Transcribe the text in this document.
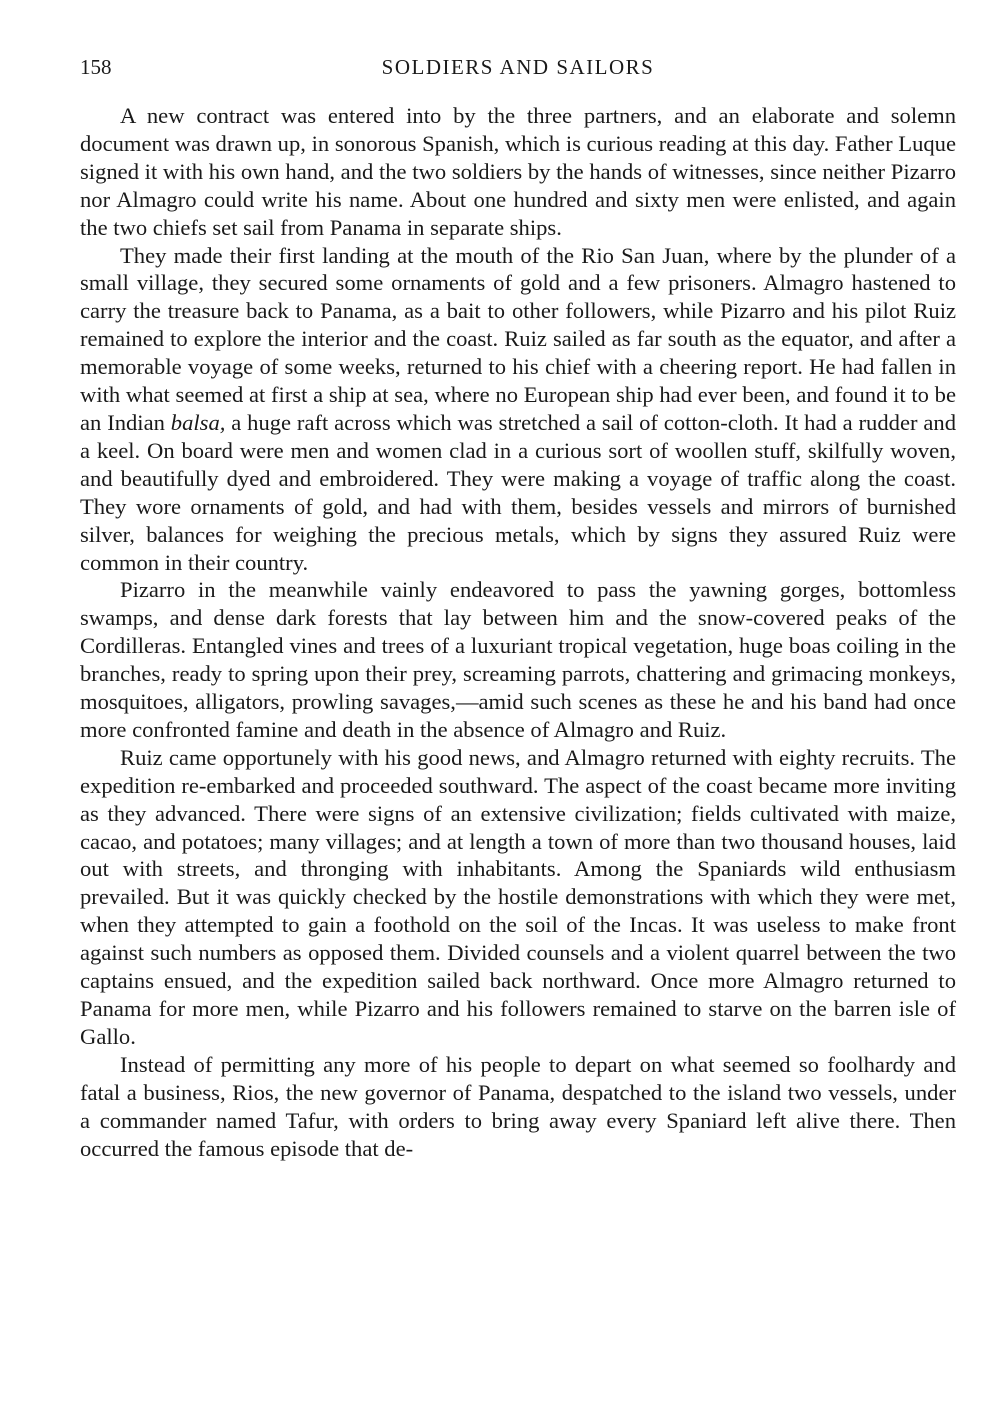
158	SOLDIERS AND SAILORS

A new contract was entered into by the three partners, and an elaborate and solemn document was drawn up, in sonorous Spanish, which is curious reading at this day. Father Luque signed it with his own hand, and the two soldiers by the hands of witnesses, since neither Pizarro nor Almagro could write his name. About one hundred and sixty men were enlisted, and again the two chiefs set sail from Panama in separate ships.

They made their first landing at the mouth of the Rio San Juan, where by the plunder of a small village, they secured some ornaments of gold and a few prisoners. Almagro hastened to carry the treasure back to Panama, as a bait to other followers, while Pizarro and his pilot Ruiz remained to explore the interior and the coast. Ruiz sailed as far south as the equator, and after a memorable voyage of some weeks, returned to his chief with a cheering report. He had fallen in with what seemed at first a ship at sea, where no European ship had ever been, and found it to be an Indian balsa, a huge raft across which was stretched a sail of cotton-cloth. It had a rudder and a keel. On board were men and women clad in a curious sort of woollen stuff, skilfully woven, and beautifully dyed and embroidered. They were making a voyage of traffic along the coast. They wore ornaments of gold, and had with them, besides vessels and mirrors of burnished silver, balances for weighing the precious metals, which by signs they assured Ruiz were common in their country.

Pizarro in the meanwhile vainly endeavored to pass the yawning gorges, bottomless swamps, and dense dark forests that lay between him and the snow-covered peaks of the Cordilleras. Entangled vines and trees of a luxuriant tropical vegetation, huge boas coiling in the branches, ready to spring upon their prey, screaming parrots, chattering and grimacing monkeys, mosquitoes, alligators, prowling savages,—amid such scenes as these he and his band had once more confronted famine and death in the absence of Almagro and Ruiz.

Ruiz came opportunely with his good news, and Almagro returned with eighty recruits. The expedition re-embarked and proceeded southward. The aspect of the coast became more inviting as they advanced. There were signs of an extensive civilization; fields cultivated with maize, cacao, and potatoes; many villages; and at length a town of more than two thousand houses, laid out with streets, and thronging with inhabitants. Among the Spaniards wild enthusiasm prevailed. But it was quickly checked by the hostile demonstrations with which they were met, when they attempted to gain a foothold on the soil of the Incas. It was useless to make front against such numbers as opposed them. Divided counsels and a violent quarrel between the two captains ensued, and the expedition sailed back northward. Once more Almagro returned to Panama for more men, while Pizarro and his followers remained to starve on the barren isle of Gallo.

Instead of permitting any more of his people to depart on what seemed so foolhardy and fatal a business, Rios, the new governor of Panama, despatched to the island two vessels, under a commander named Tafur, with orders to bring away every Spaniard left alive there. Then occurred the famous episode that de-
